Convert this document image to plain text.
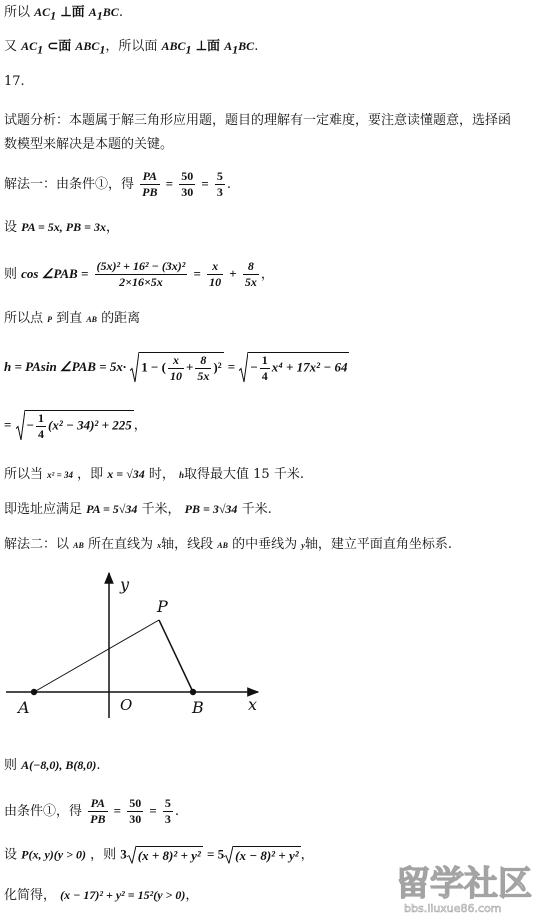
所以 $AC_1$ ⊥面 $A_1BC$.
又 $AC_1$ ⊂面 $ABC_1$，所以面 $ABC_1$ ⊥面 $A_1BC$.
17.
试题分析：本题属于解三角形应用题，题目的理解有一定难度，要注意读懂题意，选择函
数模型来解决是本题的关键。
解法一：由条件①，得 $\frac{PA}{PB} = \frac{50}{30} = \frac{5}{3}$ .
设 PA = 5x, PB = 3x，
则 cos ∠PAB = $\frac{\text{(5x)² + 16² − (3x)²}}{2\times 16\times 5x} = \frac{x}{10} + \frac{8}{5x}$ ，
所以点 P 到直 AB 的距离
h = PAsin ∠PAB = 5x· 1 − ( $\frac{x}{10} + \frac{8}{5x} )^2$ = − $\frac{1}{4} x^4 + 17x^2 - 64$
= − $\frac{1}{4} (x^2 - 34)^2 + 225$ ，
所以当 x² = 34 ，即 x = √34 时， h取得最大值 15 千米.
即选址应满足 PA = 5√34 千米， PB = 3√34 千米.
解法二：以 AB 所在直线为 x轴，线段 AB 的中垂线为 y轴，建立平面直角坐标系.
y
P
A	O	B	x
则 A(−8,0), B(8,0).
由条件①，得 $\frac{PA}{PB} = \frac{50}{30} = \frac{5}{3}$ .
设 P(x, y)(y > 0) ，则 3 (x + 8)² + y² = 5 (x − 8)² + y² ，
化简得， (x − 17)² + y² = 15²(y > 0)，	留学社区
bbs.liuxue86.com
